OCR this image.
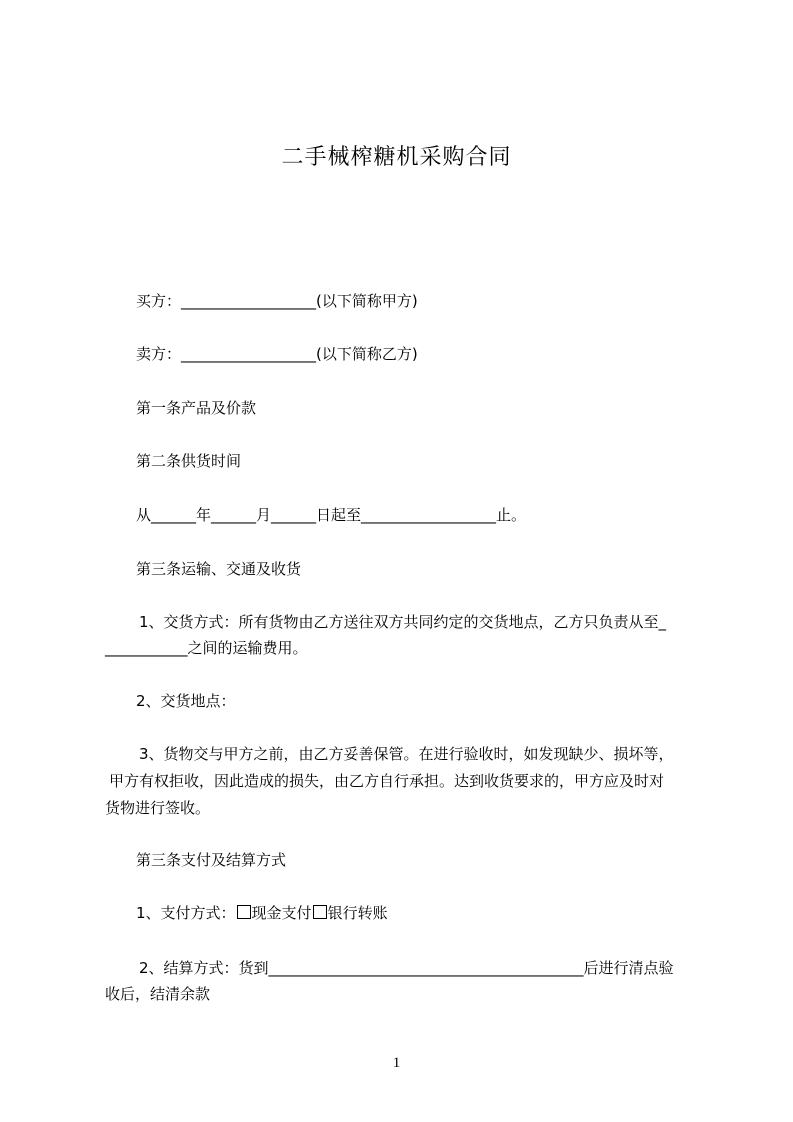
二手械榨糖机采购合同
买方：__________________(以下简称甲方)
卖方：__________________(以下简称乙方)
第一条产品及价款
第二条供货时间
从______年______月______日起至__________________止。
第三条运输、交通及收货
1、交货方式：所有货物由乙方送往双方共同约定的交货地点，乙方只负责从至_
___________之间的运输费用。
2、交货地点：
3、货物交与甲方之前，由乙方妥善保管。在进行验收时，如发现缺少、损坏等，
甲方有权拒收，因此造成的损失，由乙方自行承担。达到收货要求的，甲方应及时对
货物进行签收。
第三条支付及结算方式
1、支付方式： 现金支付 银行转账
2、结算方式：货到__________________________________________后进行清点验
收后，结清余款
1
